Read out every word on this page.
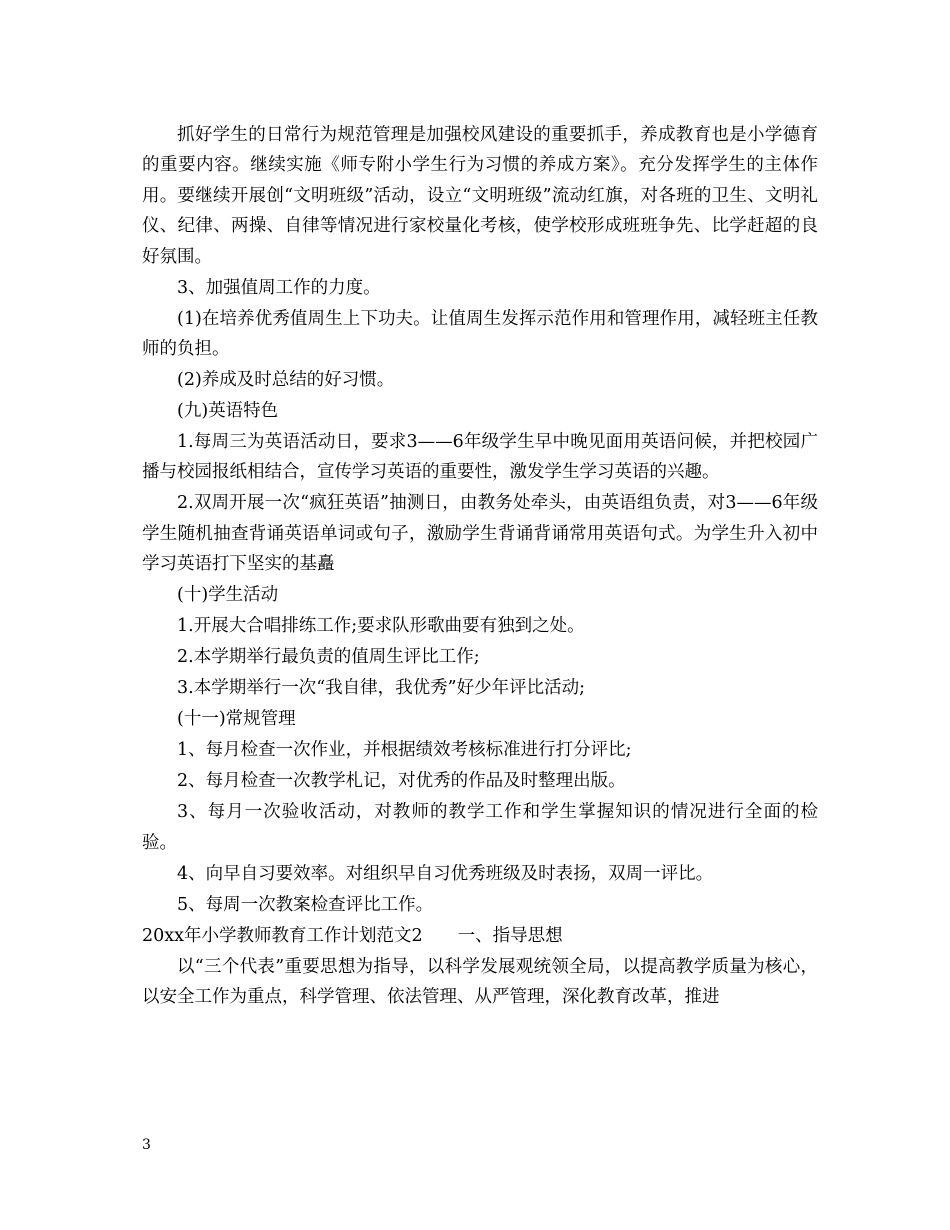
抓好学生的日常行为规范管理是加强校风建设的重要抓手，养成教育也是小学德育的重要内容。继续实施《师专附小学生行为习惯的养成方案》。充分发挥学生的主体作用。要继续开展创“文明班级”活动，设立“文明班级”流动红旗，对各班的卫生、文明礼仪、纪律、两操、自律等情况进行家校量化考核，使学校形成班班争先、比学赶超的良好氛围。

3、加强值周工作的力度。

(1)在培养优秀值周生上下功夫。让值周生发挥示范作用和管理作用，减轻班主任教师的负担。

(2)养成及时总结的好习惯。

(九)英语特色

1.每周三为英语活动日，要求3——6年级学生早中晚见面用英语问候，并把校园广播与校园报纸相结合，宣传学习英语的重要性，激发学生学习英语的兴趣。

2.双周开展一次“疯狂英语”抽测日，由教务处牵头，由英语组负责，对3——6年级学生随机抽查背诵英语单词或句子，激励学生背诵背诵常用英语句式。为学生升入初中学习英语打下坚实的基矗

(十)学生活动

1.开展大合唱排练工作;要求队形歌曲要有独到之处。

2.本学期举行最负责的值周生评比工作;

3.本学期举行一次“我自律，我优秀”好少年评比活动;

(十一)常规管理

1、每月检查一次作业，并根据绩效考核标准进行打分评比;

2、每月检查一次教学札记，对优秀的作品及时整理出版。

3、每月一次验收活动，对教师的教学工作和学生掌握知识的情况进行全面的检验。

4、向早自习要效率。对组织早自习优秀班级及时表扬，双周一评比。

5、每周一次教案检查评比工作。

20xx年小学教师教育工作计划范文2　　一、指导思想

以“三个代表”重要思想为指导，以科学发展观统领全局，以提高教学质量为核心，以安全工作为重点，科学管理、依法管理、从严管理，深化教育改革，推进

3
